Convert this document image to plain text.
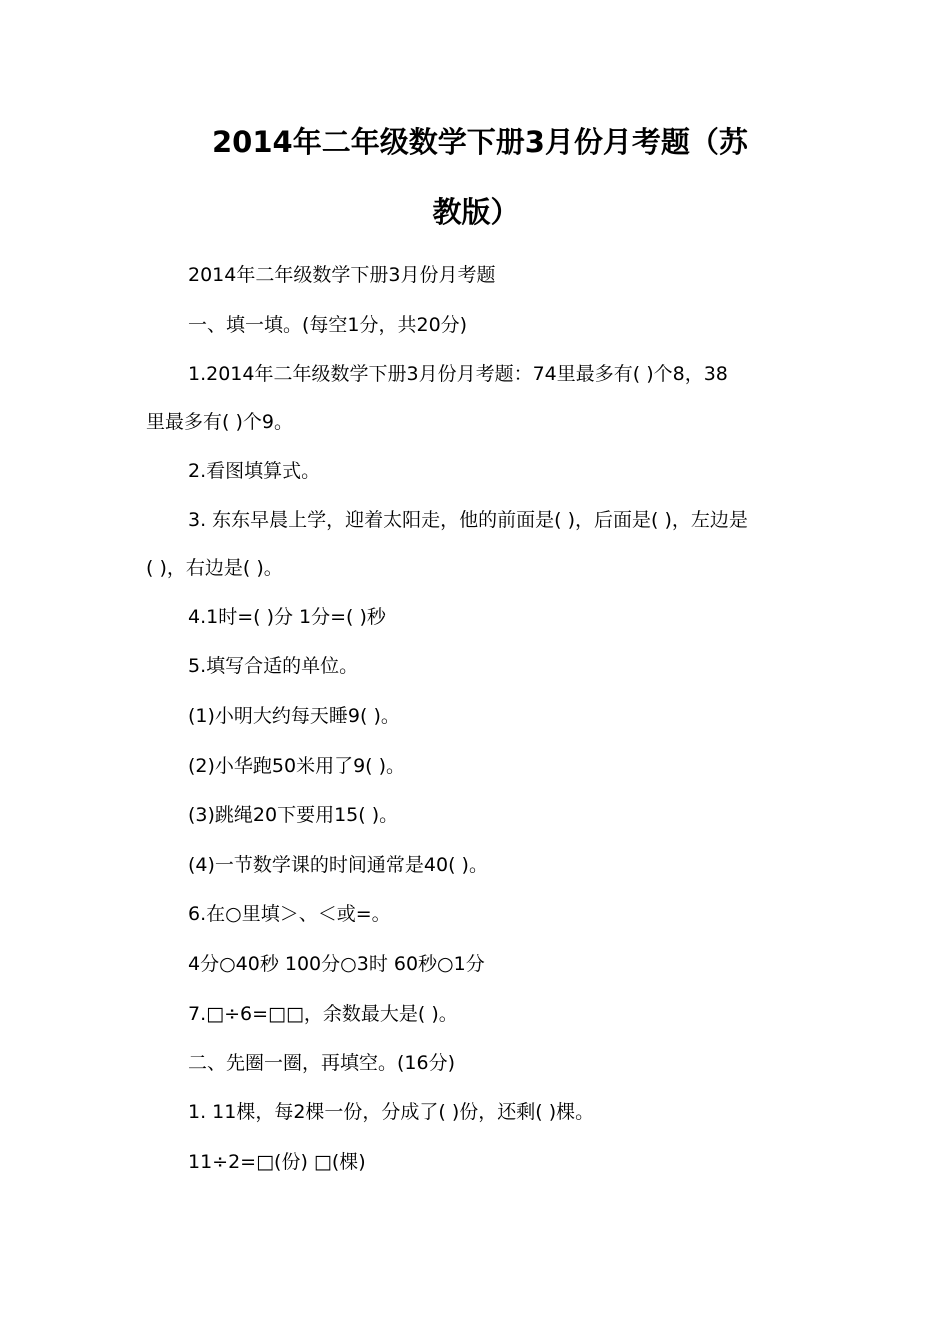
2014年二年级数学下册3月份月考题（苏
教版）
2014年二年级数学下册3月份月考题
一、填一填。(每空1分，共20分)
1.2014年二年级数学下册3月份月考题：74里最多有( )个8，38
里最多有( )个9。
2.看图填算式。
3. 东东早晨上学，迎着太阳走，他的前面是( )，后面是( )，左边是
( )，右边是( )。
4.1时=( )分 1分=( )秒
5.填写合适的单位。
(1)小明大约每天睡9( )。
(2)小华跑50米用了9( )。
(3)跳绳20下要用15( )。
(4)一节数学课的时间通常是40( )。
6.在○里填＞、＜或=。
4分○40秒 100分○3时 60秒○1分
7.□÷6=□□，余数最大是( )。
二、先圈一圈，再填空。(16分)
1. 11棵，每2棵一份，分成了( )份，还剩( )棵。
11÷2=□(份) □(棵)
